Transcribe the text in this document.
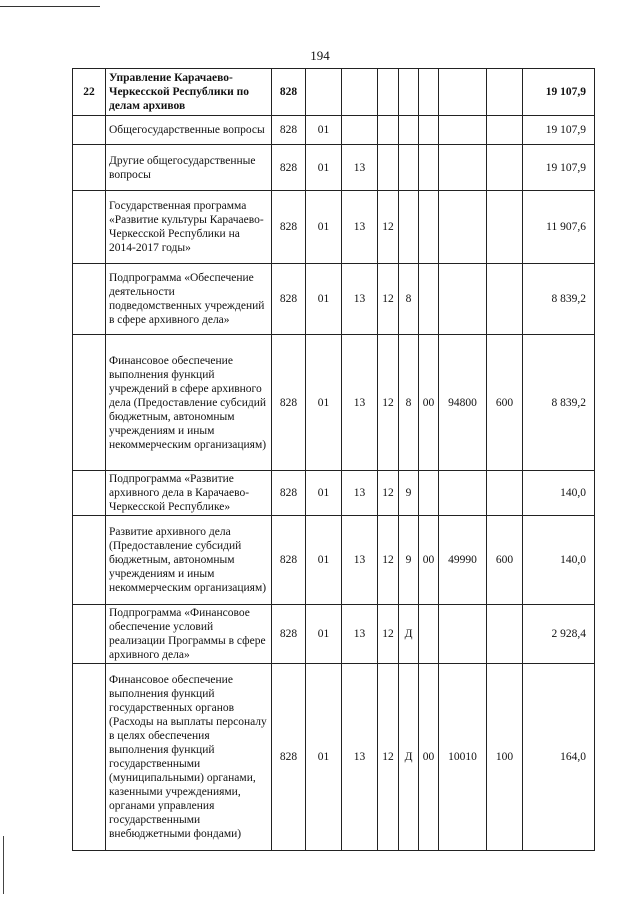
194
22	Управление Карачаево-Черкесской Республики по делам архивов	828								19 107,9
	Общегосударственные вопросы	828	01							19 107,9
	Другие общегосударственные вопросы	828	01	13						19 107,9
	Государственная программа «Развитие культуры Карачаево-Черкесской Республики на 2014-2017 годы»	828	01	13	12					11 907,6
	Подпрограмма «Обеспечение деятельности подведомственных учреждений в сфере архивного дела»	828	01	13	12	8				8 839,2
	Финансовое обеспечение выполнения функций учреждений в сфере архивного дела (Предоставление субсидий бюджетным, автономным учреждениям и иным некоммерческим организациям)	828	01	13	12	8	00	94800	600	8 839,2
	Подпрограмма «Развитие архивного дела в Карачаево-Черкесской Республике»	828	01	13	12	9				140,0
	Развитие архивного дела (Предоставление субсидий бюджетным, автономным учреждениям и иным некоммерческим организациям)	828	01	13	12	9	00	49990	600	140,0
	Подпрограмма «Финансовое обеспечение условий реализации Программы в сфере архивного дела»	828	01	13	12	Д				2 928,4
	Финансовое обеспечение выполнения функций государственных органов (Расходы на выплаты персоналу в целях обеспечения выполнения функций государственными (муниципальными) органами, казенными учреждениями, органами управления государственными внебюджетными фондами)	828	01	13	12	Д	00	10010	100	164,0
